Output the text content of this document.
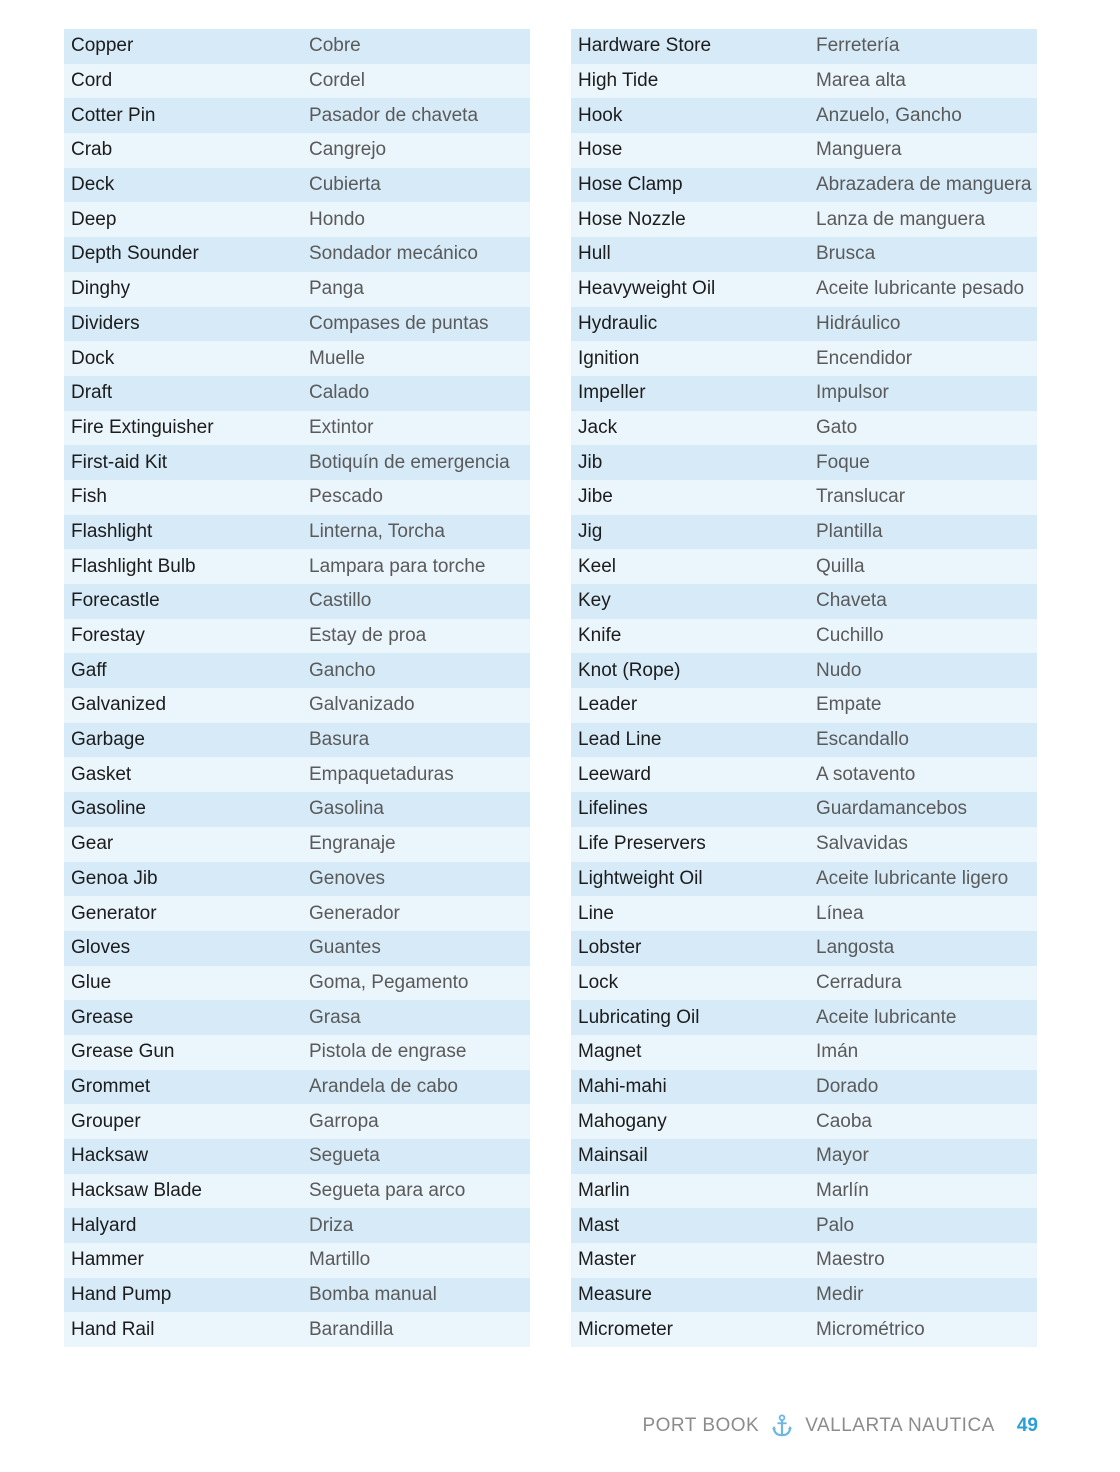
Copper	Cobre
Cord	Cordel
Cotter Pin	Pasador de chaveta
Crab	Cangrejo
Deck	Cubierta
Deep	Hondo
Depth Sounder	Sondador mecánico
Dinghy	Panga
Dividers	Compases de puntas
Dock	Muelle
Draft	Calado
Fire Extinguisher	Extintor
First-aid Kit	Botiquín de emergencia
Fish	Pescado
Flashlight	Linterna, Torcha
Flashlight Bulb	Lampara para torche
Forecastle	Castillo
Forestay	Estay de proa
Gaff	Gancho
Galvanized	Galvanizado
Garbage	Basura
Gasket	Empaquetaduras
Gasoline	Gasolina
Gear	Engranaje
Genoa Jib	Genoves
Generator	Generador
Gloves	Guantes
Glue	Goma, Pegamento
Grease	Grasa
Grease Gun	Pistola de engrase
Grommet	Arandela de cabo
Grouper	Garropa
Hacksaw	Segueta
Hacksaw Blade	Segueta para arco
Halyard	Driza
Hammer	Martillo
Hand Pump	Bomba manual
Hand Rail	Barandilla
Hardware Store	Ferretería
High Tide	Marea alta
Hook	Anzuelo, Gancho
Hose	Manguera
Hose Clamp	Abrazadera de manguera
Hose Nozzle	Lanza de manguera
Hull	Brusca
Heavyweight Oil	Aceite lubricante pesado
Hydraulic	Hidráulico
Ignition	Encendidor
Impeller	Impulsor
Jack	Gato
Jib	Foque
Jibe	Translucar
Jig	Plantilla
Keel	Quilla
Key	Chaveta
Knife	Cuchillo
Knot (Rope)	Nudo
Leader	Empate
Lead Line	Escandallo
Leeward	A sotavento
Lifelines	Guardamancebos
Life Preservers	Salvavidas
Lightweight Oil	Aceite lubricante ligero
Line	Línea
Lobster	Langosta
Lock	Cerradura
Lubricating Oil	Aceite lubricante
Magnet	Imán
Mahi-mahi	Dorado
Mahogany	Caoba
Mainsail	Mayor
Marlin	Marlín
Mast	Palo
Master	Maestro
Measure	Medir
Micrometer	Micrométrico
PORT BOOK VALLARTA NAUTICA 49
